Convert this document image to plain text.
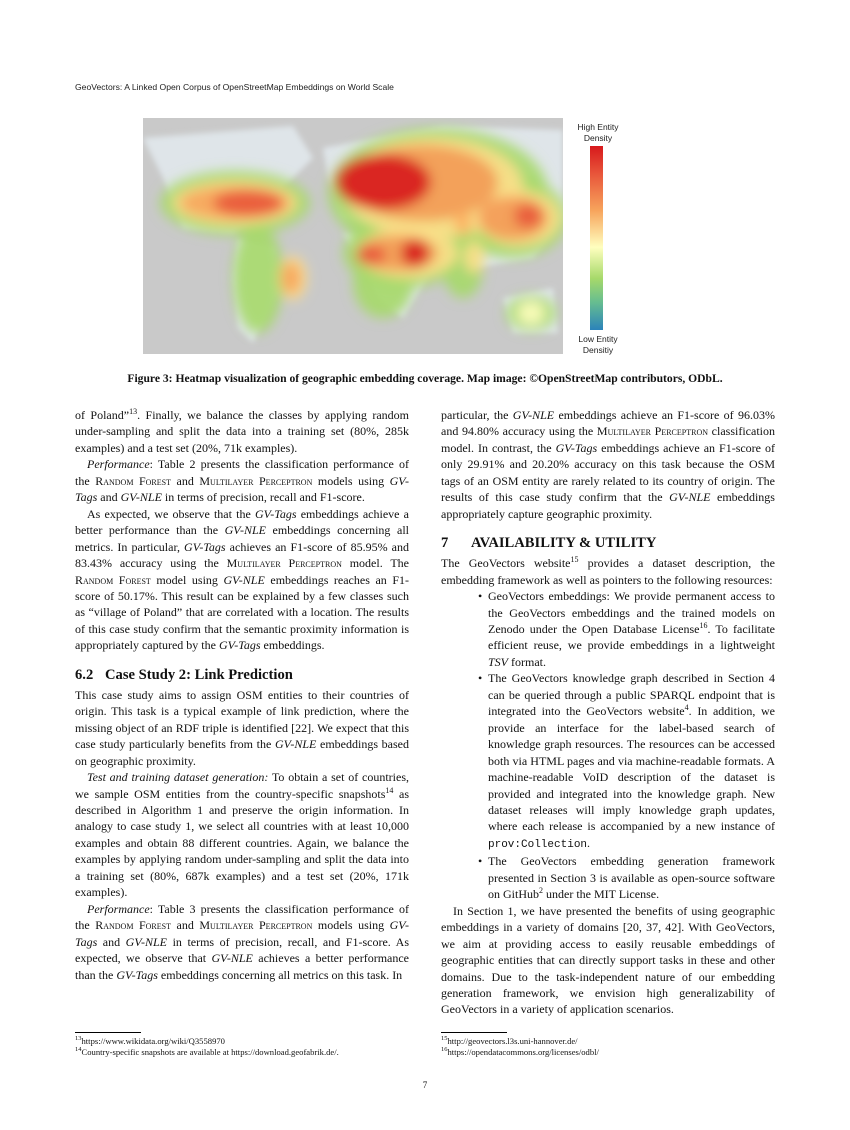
GeoVectors: A Linked Open Corpus of OpenStreetMap Embeddings on World Scale
High Entity Density
Low Entity Densitiy
Figure 3: Heatmap visualization of geographic embedding coverage. Map image: ©OpenStreetMap contributors, ODbL.

of Poland”$^{13}$. Finally, we balance the classes by applying random under-sampling and split the data into a training set (80%, 285k examples) and a test set (20%, 71k examples).

Performance: Table 2 presents the classification performance of the Random Forest and Multilayer Perceptron models using GV-Tags and GV-NLE in terms of precision, recall and F1-score.

As expected, we observe that the GV-Tags embeddings achieve a better performance than the GV-NLE embeddings concerning all metrics. In particular, GV-Tags achieves an F1-score of 85.95% and 83.43% accuracy using the Multilayer Perceptron model. The Random Forest model using GV-NLE embeddings reaches an F1-score of 50.17%. This result can be explained by a few classes such as “village of Poland” that are correlated with a location. The results of this case study confirm that the semantic proximity information is appropriately captured by the GV-Tags embeddings.

6.2 Case Study 2: Link Prediction

This case study aims to assign OSM entities to their countries of origin. This task is a typical example of link prediction, where the missing object of an RDF triple is identified [22]. We expect that this case study particularly benefits from the GV-NLE embeddings based on geographic proximity.

Test and training dataset generation: To obtain a set of countries, we sample OSM entities from the country-specific snapshots$^{14}$ as described in Algorithm 1 and preserve the origin information. In analogy to case study 1, we select all countries with at least 10,000 examples and obtain 88 different countries. Again, we balance the examples by applying random under-sampling and split the data into a training set (80%, 687k examples) and a test set (20%, 171k examples).

Performance: Table 3 presents the classification performance of the Random Forest and Multilayer Perceptron models using GV-Tags and GV-NLE in terms of precision, recall, and F1-score. As expected, we observe that GV-NLE achieves a better performance than the GV-Tags embeddings concerning all metrics on this task. In

$^{13}$https://www.wikidata.org/wiki/Q3558970
$^{14}$Country-specific snapshots are available at https://download.geofabrik.de/.

particular, the GV-NLE embeddings achieve an F1-score of 96.03% and 94.80% accuracy using the Multilayer Perceptron classification model. In contrast, the GV-Tags embeddings achieve an F1-score of only 29.91% and 20.20% accuracy on this task because the OSM tags of an OSM entity are rarely related to its country of origin. The results of this case study confirm that the GV-NLE embeddings appropriately capture geographic proximity.

7 AVAILABILITY & UTILITY

The GeoVectors website$^{15}$ provides a dataset description, the embedding framework as well as pointers to the following resources:

• GeoVectors embeddings: We provide permanent access to the GeoVectors embeddings and the trained models on Zenodo under the Open Database License$^{16}$. To facilitate efficient reuse, we provide embeddings in a lightweight TSV format.
• The GeoVectors knowledge graph described in Section 4 can be queried through a public SPARQL endpoint that is integrated into the GeoVectors website$^4$. In addition, we provide an interface for the label-based search of knowledge graph resources. The resources can be accessed both via HTML pages and via machine-readable formats. A machine-readable VoID description of the dataset is provided and integrated into the knowledge graph. New dataset releases will imply knowledge graph updates, where each release is accompanied by a new instance of prov:Collection.
• The GeoVectors embedding generation framework presented in Section 3 is available as open-source software on GitHub$^2$ under the MIT License.

In Section 1, we have presented the benefits of using geographic embeddings in a variety of domains [20, 37, 42]. With GeoVectors, we aim at providing access to easily reusable embeddings of geographic entities that can directly support tasks in these and other domains. Due to the task-independent nature of our embedding generation framework, we envision high generalizability of GeoVectors in a variety of application scenarios.

$^{15}$http://geovectors.l3s.uni-hannover.de/
$^{16}$https://opendatacommons.org/licenses/odbl/
7
